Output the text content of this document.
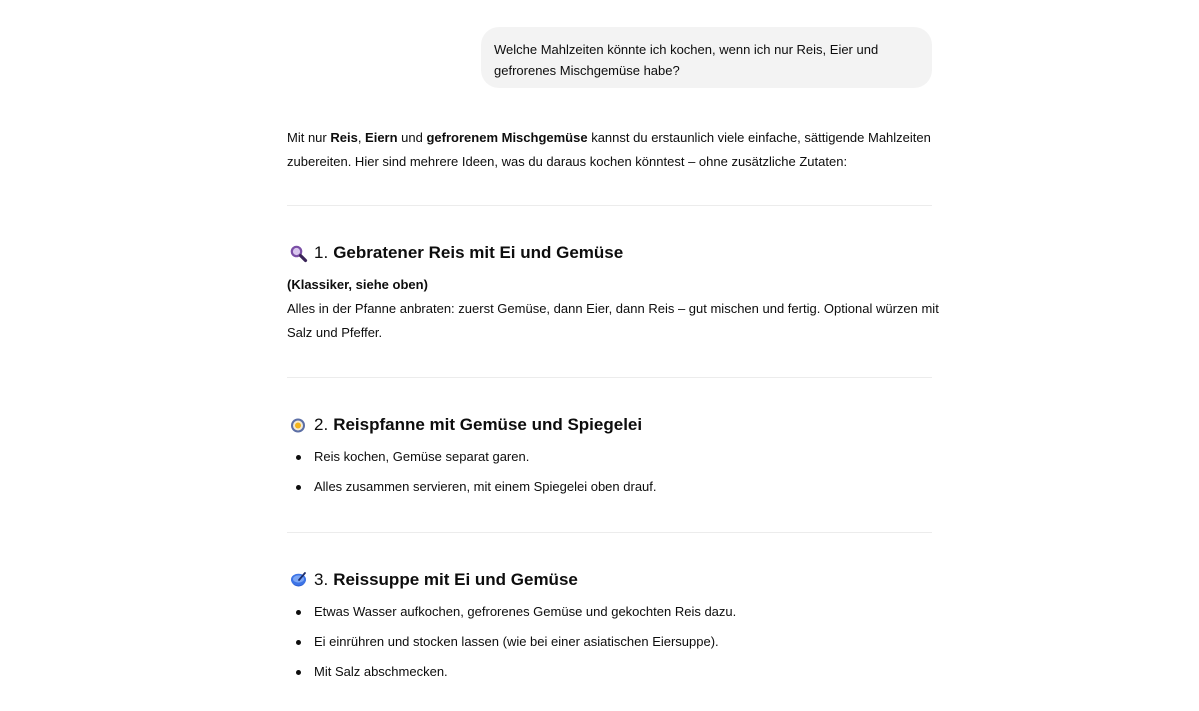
Welche Mahlzeiten könnte ich kochen, wenn ich nur Reis, Eier und
gefrorenes Mischgemüse habe?
Mit nur Reis, Eiern und gefrorenem Mischgemüse kannst du erstaunlich viele einfache, sättigende Mahlzeiten zubereiten. Hier sind mehrere Ideen, was du daraus kochen könntest – ohne zusätzliche Zutaten:
1. Gebratener Reis mit Ei und Gemüse
(Klassiker, siehe oben)
Alles in der Pfanne anbraten: zuerst Gemüse, dann Eier, dann Reis – gut mischen und fertig. Optional würzen mit Salz und Pfeffer.
2. Reispfanne mit Gemüse und Spiegelei
Reis kochen, Gemüse separat garen.
Alles zusammen servieren, mit einem Spiegelei oben drauf.
3. Reissuppe mit Ei und Gemüse
Etwas Wasser aufkochen, gefrorenes Gemüse und gekochten Reis dazu.
Ei einrühren und stocken lassen (wie bei einer asiatischen Eiersuppe).
Mit Salz abschmecken.
